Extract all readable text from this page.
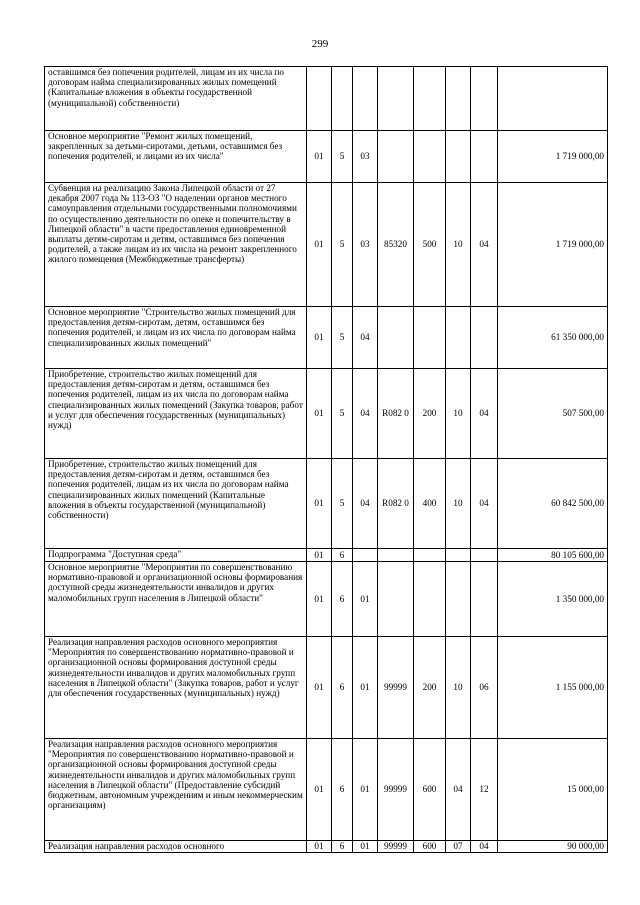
299
оставшимся без попечения родителей, лицам из их числа по договорам найма специализированных жилых помещений (Капитальные вложения в объекты государственной (муниципальной) собственности)								
Основное мероприятие "Ремонт жилых помещений, закрепленных за детьми-сиротами, детьми, оставшимся без попечения родителей, и лицами из их числа"	01	5	03					1 719 000,00
Субвенция на реализацию Закона Липецкой области от 27 декабря 2007 года № 113-ОЗ "О наделении органов местного самоуправления отдельными государственными полномочиями по осуществлению деятельности по опеке и попечительству в Липецкой области" в части предоставления единовременной выплаты детям-сиротам и детям, оставшимся без попечения родителей, а также лицам из их числа на ремонт закрепленного жилого помещения (Межбюджетные трансферты)	01	5	03	85320	500	10	04	1 719 000,00
Основное мероприятие "Строительство жилых помещений для предоставления детям-сиротам, детям, оставшимся без попечения родителей, и лицам из их числа по договорам найма специализированных жилых помещений"	01	5	04					61 350 000,00
Приобретение, строительство жилых помещений для предоставления детям-сиротам и детям, оставшимся без попечения родителей, лицам из их числа по договорам найма специализированных жилых помещений (Закупка товаров, работ и услуг для обеспечения государственных (муниципальных) нужд)	01	5	04	R082 0	200	10	04	507 500,00
Приобретение, строительство жилых помещений для предоставления детям-сиротам и детям, оставшимся без попечения родителей, лицам из их числа по договорам найма специализированных жилых помещений (Капитальные вложения в объекты государственной (муниципальной) собственности)	01	5	04	R082 0	400	10	04	60 842 500,00
Подпрограмма "Доступная среда"	01	6						80 105 600,00
Основное мероприятие "Мероприятия по совершенствованию нормативно-правовой и организационной основы формирования доступной среды жизнедеятельности инвалидов и других маломобильных групп населения в Липецкой области"	01	6	01					1 350 000,00
Реализация направления расходов основного мероприятия "Мероприятия по совершенствованию нормативно-правовой и организационной основы формирования доступной среды жизнедеятельности инвалидов и других маломобильных групп населения в Липецкой области" (Закупка товаров, работ и услуг для обеспечения государственных (муниципальных) нужд)	01	6	01	99999	200	10	06	1 155 000,00
Реализация направления расходов основного мероприятия "Мероприятия по совершенствованию нормативно-правовой и организационной основы формирования доступной среды жизнедеятельности инвалидов и других маломобильных групп населения в Липецкой области" (Предоставление субсидий бюджетным, автономным учреждениям и иным некоммерческим организациям)	01	6	01	99999	600	04	12	15 000,00
Реализация направления расходов основного	01	6	01	99999	600	07	04	90 000,00
